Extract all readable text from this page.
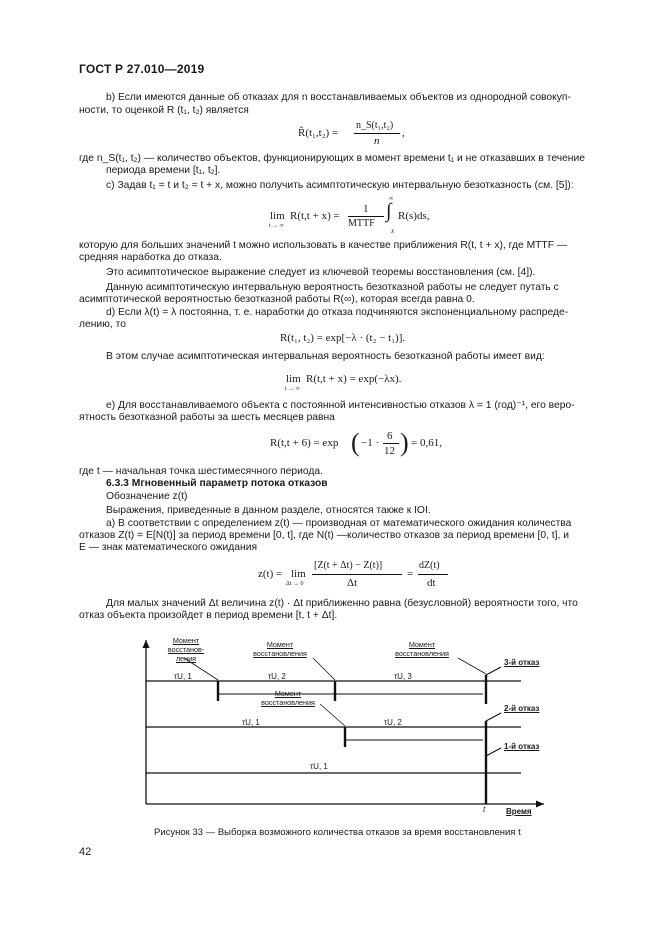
ГОСТ Р 27.010—2019
b) Если имеются данные об отказах для n восстанавливаемых объектов из однородной совокуп-
ности, то оценкой R (t₁, t₂) является
R̂(t₁,t₂) =
n_S(t₁,t₂)
n
,
где n_S(t₁, t₂) — количество объектов, функционирующих в момент времени t₁ и не отказавших в течение
периода времени [t₁, t₂].
c) Задав t₁ = t и t₂ = t + x, можно получить асимптотическую интервальную безотказность (см. [5]):
lim
t → ∞
R(t,t + x) =
1
MTTF
∫
∞
x
R(s)ds,
которую для больших значений t можно использовать в качестве приближения R(t, t + x), где MTTF —
средняя наработка до отказа.
Это асимптотическое выражение следует из ключевой теоремы восстановления (см. [4]).
Данную асимптотическую интервальную вероятность безотказной работы не следует путать с
асимптотической вероятностью безотказной работы R(∞), которая всегда равна 0.
d) Если λ(t) = λ постоянна, т. е. наработки до отказа подчиняются экспоненциальному распреде-
лению, то
R(t₁, t₂) = exp[−λ · (t₂ − t₁)].
В этом случае асимптотическая интервальная вероятность безотказной работы имеет вид:
lim
t → ∞
R(t,t + x) = exp(−λx).
e) Для восстанавливаемого объекта с постоянной интенсивностью отказов λ = 1 (год)⁻¹, его веро-
ятность безотказной работы за шесть месяцев равна
R(t,t + 6) = exp ( −1 ·
6
12 ) = 0,61,
где t — начальная точка шестимесячного периода.
6.3.3 Мгновенный параметр потока отказов
Обозначение z(t)
Выражения, приведенные в данном разделе, относятся также к IOI.
a) В соответствии с определением z(t) — производная от математического ожидания количества
отказов Z(t) = E[N(t)] за период времени [0, t], где N(t) —количество отказов за период времени [0, t], и
E — знак математического ожидания
z(t) = lim
Δt → 0
[Z(t + Δt) − Z(t)]
Δt
=
dZ(t)
dt
Для малых значений Δt величина z(t) · Δt приближенно равна (безусловной) вероятности того, что
отказ объекта произойдет в период времени [t, t + Δt].
Момент восстанов-ления
Момент восстановления
Момент восстановления
Момент восстановления
3-й отказ
2-й отказ
1-й отказ
τU, 1	τU, 2	τU, 3
τU, 1	τU, 2
τU, 1
t	Время
Рисунок 33 — Выборка возможного количества отказов за время восстановления t
42
